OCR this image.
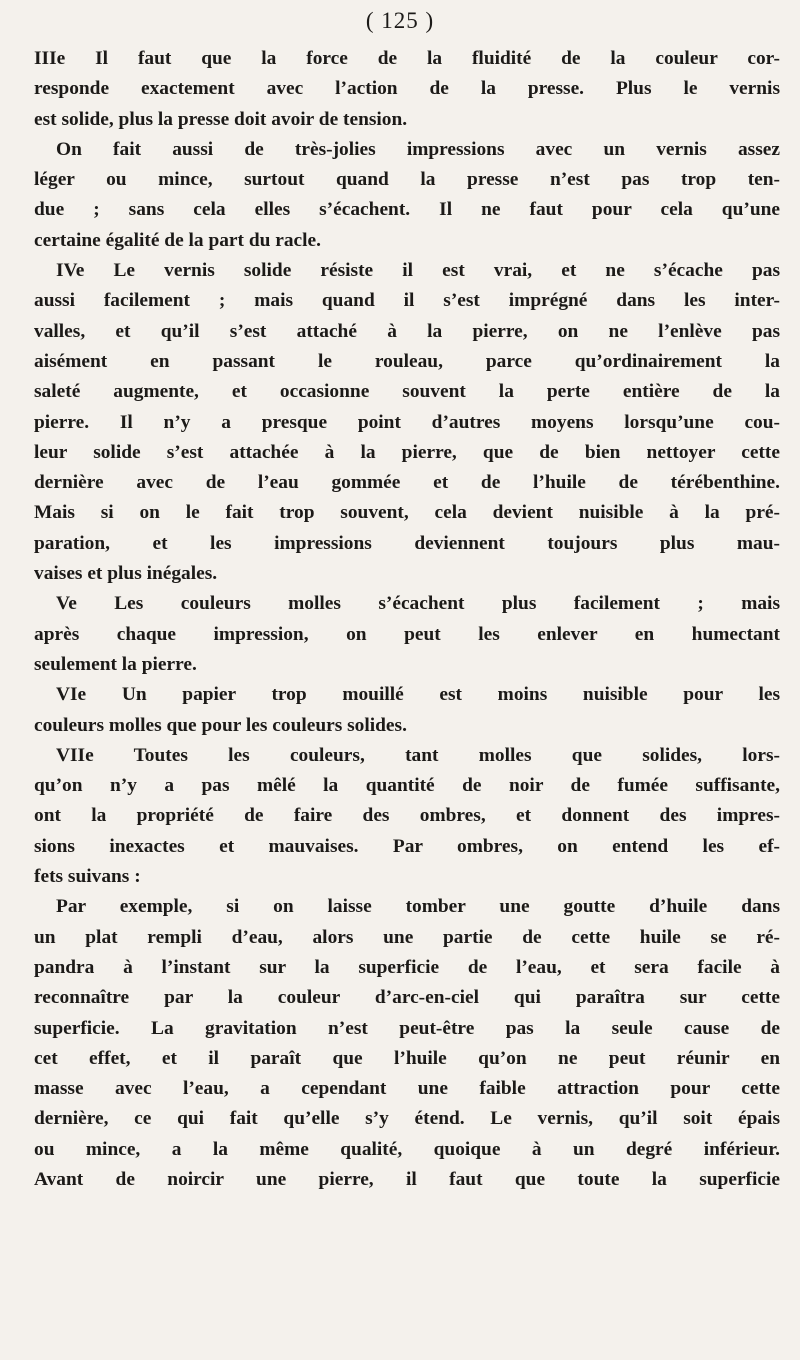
( 125 )
IIIe Il faut que la force de la fluidité de la couleur cor-
responde exactement avec l’action de la presse. Plus le vernis
est solide, plus la presse doit avoir de tension.
On fait aussi de très-jolies impressions avec un vernis assez
léger ou mince, surtout quand la presse n’est pas trop ten-
due ; sans cela elles s’écachent. Il ne faut pour cela qu’une
certaine égalité de la part du racle.
IVe Le vernis solide résiste il est vrai, et ne s’écache pas
aussi facilement ; mais quand il s’est imprégné dans les inter-
valles, et qu’il s’est attaché à la pierre, on ne l’enlève pas
aisément en passant le rouleau, parce qu’ordinairement la
saleté augmente, et occasionne souvent la perte entière de la
pierre. Il n’y a presque point d’autres moyens lorsqu’une cou-
leur solide s’est attachée à la pierre, que de bien nettoyer cette
dernière avec de l’eau gommée et de l’huile de térébenthine.
Mais si on le fait trop souvent, cela devient nuisible à la pré-
paration, et les impressions deviennent toujours plus mau-
vaises et plus inégales.
Ve Les couleurs molles s’écachent plus facilement ; mais
après chaque impression, on peut les enlever en humectant
seulement la pierre.
VIe Un papier trop mouillé est moins nuisible pour les
couleurs molles que pour les couleurs solides.
VIIe Toutes les couleurs, tant molles que solides, lors-
qu’on n’y a pas mêlé la quantité de noir de fumée suffisante,
ont la propriété de faire des ombres, et donnent des impres-
sions inexactes et mauvaises. Par ombres, on entend les ef-
fets suivans :
Par exemple, si on laisse tomber une goutte d’huile dans
un plat rempli d’eau, alors une partie de cette huile se ré-
pandra à l’instant sur la superficie de l’eau, et sera facile à
reconnaître par la couleur d’arc-en-ciel qui paraîtra sur cette
superficie. La gravitation n’est peut-être pas la seule cause de
cet effet, et il paraît que l’huile qu’on ne peut réunir en
masse avec l’eau, a cependant une faible attraction pour cette
dernière, ce qui fait qu’elle s’y étend. Le vernis, qu’il soit épais
ou mince, a la même qualité, quoique à un degré inférieur.
Avant de noircir une pierre, il faut que toute la superficie
